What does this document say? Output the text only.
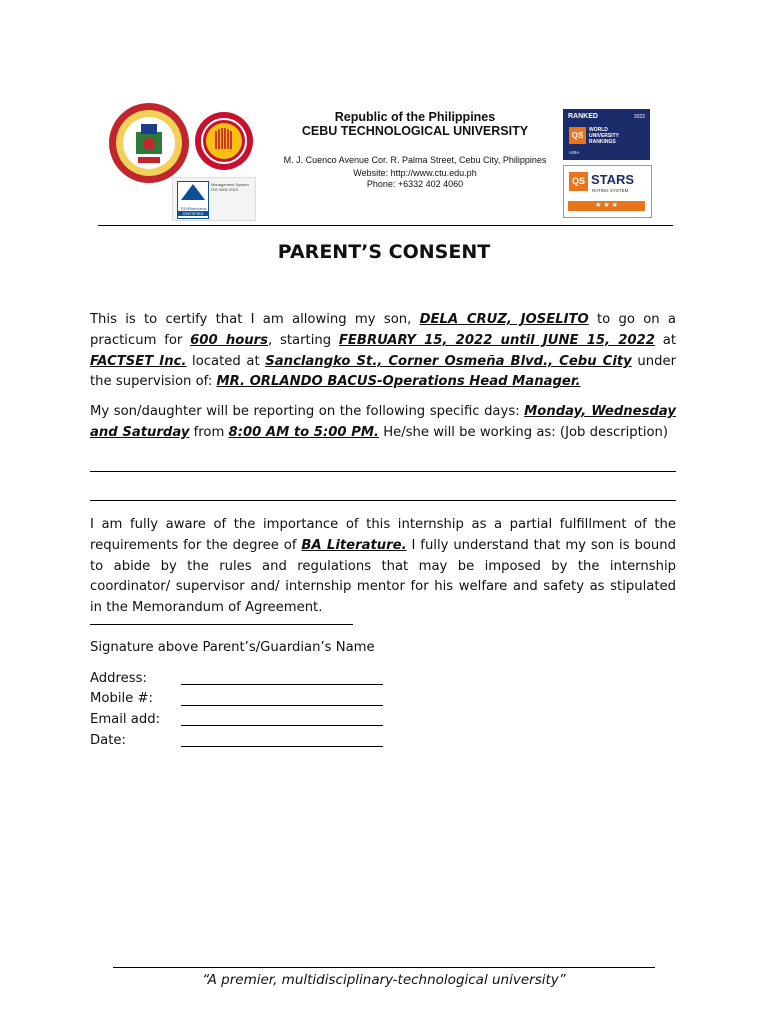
TÜVRheinland
CERTIFIED
Management System ISO 9001:2015
Republic of the Philippines
CEBU TECHNOLOGICAL UNIVERSITY
M. J. Cuenco Avenue Cor. R. Palma Street, Cebu City, Philippines
Website: http://www.ctu.edu.ph
Phone: +6332 402 4060
RANKED	2022
QS
WORLD UNIVERSITY RANKINGS
ASIA
QS STARS
RATING SYSTEM
★ ★ ★
PARENT’S CONSENT
This is to certify that I am allowing my son, DELA CRUZ, JOSELITO to go on a practicum for 600 hours, starting FEBRUARY 15, 2022 until JUNE 15, 2022 at FACTSET Inc. located at Sanclangko St., Corner Osmeña Blvd., Cebu City under the supervision of: MR. ORLANDO BACUS-Operations Head Manager.
My son/daughter will be reporting on the following specific days: Monday, Wednesday and Saturday from 8:00 AM to 5:00 PM. He/she will be working as: (Job description)
I am fully aware of the importance of this internship as a partial fulfillment of the requirements for the degree of BA Literature. I fully understand that my son is bound to abide by the rules and regulations that may be imposed by the internship coordinator/ supervisor and/ internship mentor for his welfare and safety as stipulated in the Memorandum of Agreement.
Signature above Parent’s/Guardian’s Name
Address:
Mobile #:
Email add:
Date:
“A premier, multidisciplinary-technological university”
